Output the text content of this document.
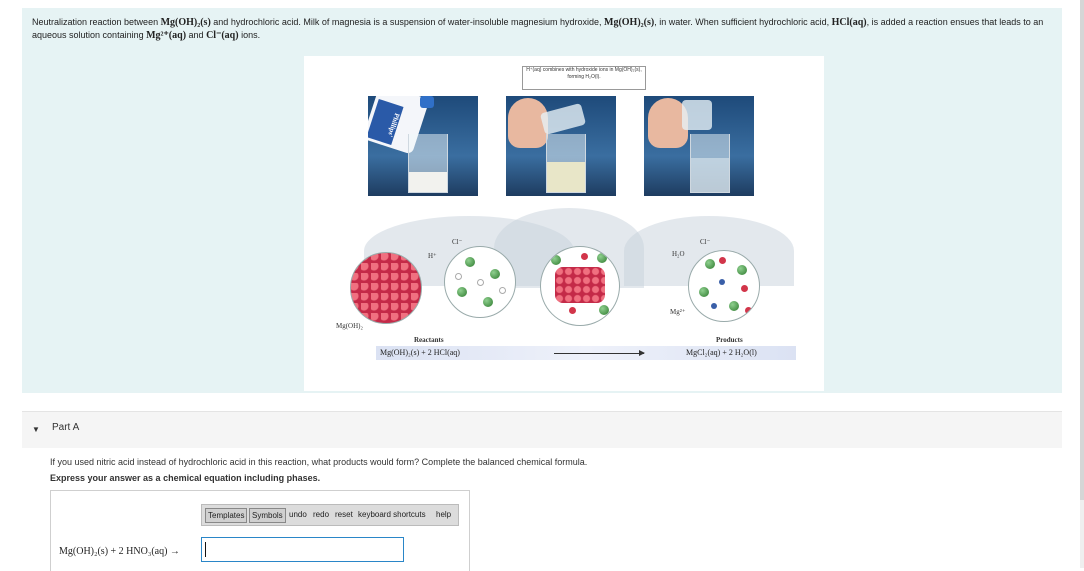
Neutralization reaction between Mg(OH)₂(s) and hydrochloric acid. Milk of magnesia is a suspension of water-insoluble magnesium hydroxide, Mg(OH)₂(s), in water. When sufficient hydrochloric acid, HCl(aq), is added a reaction ensues that leads to an aqueous solution containing Mg²⁺(aq) and Cl⁻(aq) ions.
H⁺(aq) combines with hydroxide ions in Mg(OH)₂(s), forming H₂O(l).
Phillips'
Cl⁻
H⁺
Mg(OH)₂
H₂O
Cl⁻
Mg²⁺
Reactants	Products
Mg(OH)₂(s) + 2 HCl(aq)	MgCl₂(aq) + 2 H₂O(l)
▼ Part A
If you used nitric acid instead of hydrochloric acid in this reaction, what products would form? Complete the balanced chemical formula.
Express your answer as a chemical equation including phases.
Templates Symbols undo redo reset keyboard shortcuts help
Mg(OH)₂(s) + 2 HNO₃(aq) →
